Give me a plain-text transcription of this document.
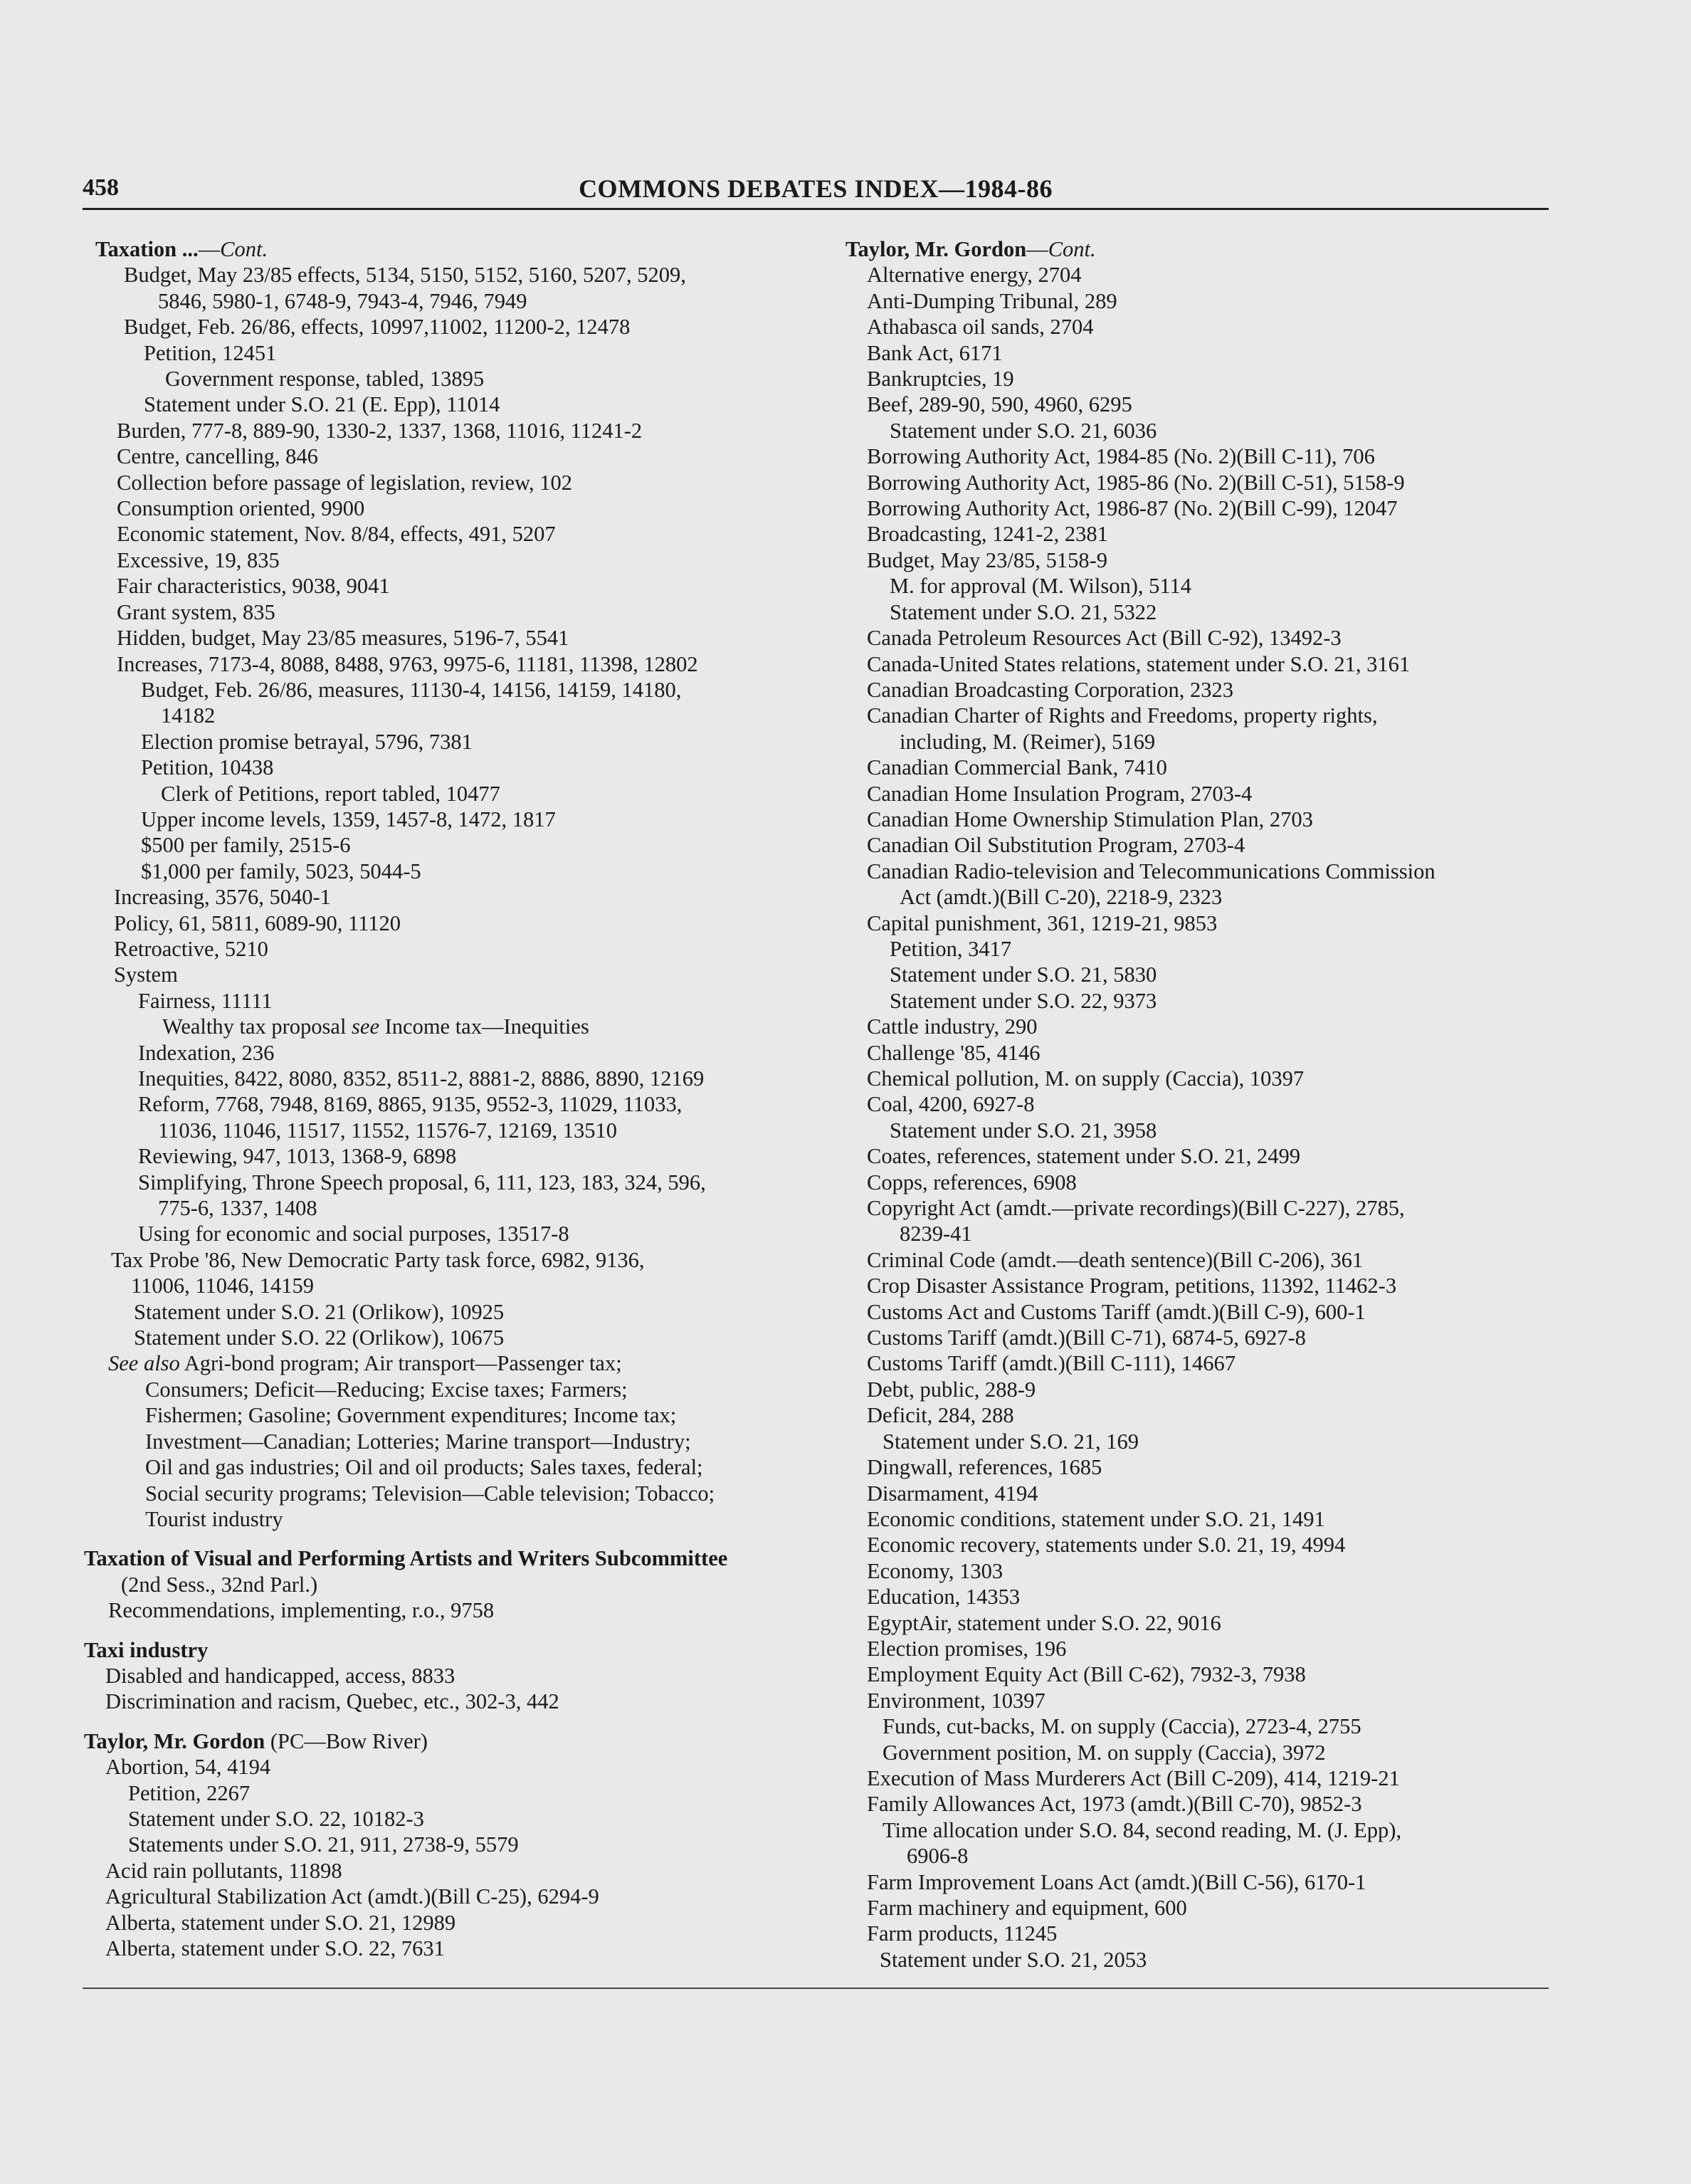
458	COMMONS DEBATES INDEX—1984-86
Taxation ...—Cont.
Budget, May 23/85 effects, 5134, 5150, 5152, 5160, 5207, 5209,
5846, 5980-1, 6748-9, 7943-4, 7946, 7949
Budget, Feb. 26/86, effects, 10997,11002, 11200-2, 12478
Petition, 12451
Government response, tabled, 13895
Statement under S.O. 21 (E. Epp), 11014
Burden, 777-8, 889-90, 1330-2, 1337, 1368, 11016, 11241-2
Centre, cancelling, 846
Collection before passage of legislation, review, 102
Consumption oriented, 9900
Economic statement, Nov. 8/84, effects, 491, 5207
Excessive, 19, 835
Fair characteristics, 9038, 9041
Grant system, 835
Hidden, budget, May 23/85 measures, 5196-7, 5541
Increases, 7173-4, 8088, 8488, 9763, 9975-6, 11181, 11398, 12802
Budget, Feb. 26/86, measures, 11130-4, 14156, 14159, 14180,
14182
Election promise betrayal, 5796, 7381
Petition, 10438
Clerk of Petitions, report tabled, 10477
Upper income levels, 1359, 1457-8, 1472, 1817
$500 per family, 2515-6
$1,000 per family, 5023, 5044-5
Increasing, 3576, 5040-1
Policy, 61, 5811, 6089-90, 11120
Retroactive, 5210
System
Fairness, 11111
Wealthy tax proposal see Income tax—Inequities
Indexation, 236
Inequities, 8422, 8080, 8352, 8511-2, 8881-2, 8886, 8890, 12169
Reform, 7768, 7948, 8169, 8865, 9135, 9552-3, 11029, 11033,
11036, 11046, 11517, 11552, 11576-7, 12169, 13510
Reviewing, 947, 1013, 1368-9, 6898
Simplifying, Throne Speech proposal, 6, 111, 123, 183, 324, 596,
775-6, 1337, 1408
Using for economic and social purposes, 13517-8
Tax Probe '86, New Democratic Party task force, 6982, 9136,
11006, 11046, 14159
Statement under S.O. 21 (Orlikow), 10925
Statement under S.O. 22 (Orlikow), 10675
See also Agri-bond program; Air transport—Passenger tax;
Consumers; Deficit—Reducing; Excise taxes; Farmers;
Fishermen; Gasoline; Government expenditures; Income tax;
Investment—Canadian; Lotteries; Marine transport—Industry;
Oil and gas industries; Oil and oil products; Sales taxes, federal;
Social security programs; Television—Cable television; Tobacco;
Tourist industry
Taxation of Visual and Performing Artists and Writers Subcommittee
(2nd Sess., 32nd Parl.)
Recommendations, implementing, r.o., 9758
Taxi industry
Disabled and handicapped, access, 8833
Discrimination and racism, Quebec, etc., 302-3, 442
Taylor, Mr. Gordon (PC—Bow River)
Abortion, 54, 4194
Petition, 2267
Statement under S.O. 22, 10182-3
Statements under S.O. 21, 911, 2738-9, 5579
Acid rain pollutants, 11898
Agricultural Stabilization Act (amdt.)(Bill C-25), 6294-9
Alberta, statement under S.O. 21, 12989
Alberta, statement under S.O. 22, 7631
Taylor, Mr. Gordon—Cont.
Alternative energy, 2704
Anti-Dumping Tribunal, 289
Athabasca oil sands, 2704
Bank Act, 6171
Bankruptcies, 19
Beef, 289-90, 590, 4960, 6295
Statement under S.O. 21, 6036
Borrowing Authority Act, 1984-85 (No. 2)(Bill C-11), 706
Borrowing Authority Act, 1985-86 (No. 2)(Bill C-51), 5158-9
Borrowing Authority Act, 1986-87 (No. 2)(Bill C-99), 12047
Broadcasting, 1241-2, 2381
Budget, May 23/85, 5158-9
M. for approval (M. Wilson), 5114
Statement under S.O. 21, 5322
Canada Petroleum Resources Act (Bill C-92), 13492-3
Canada-United States relations, statement under S.O. 21, 3161
Canadian Broadcasting Corporation, 2323
Canadian Charter of Rights and Freedoms, property rights,
including, M. (Reimer), 5169
Canadian Commercial Bank, 7410
Canadian Home Insulation Program, 2703-4
Canadian Home Ownership Stimulation Plan, 2703
Canadian Oil Substitution Program, 2703-4
Canadian Radio-television and Telecommunications Commission
Act (amdt.)(Bill C-20), 2218-9, 2323
Capital punishment, 361, 1219-21, 9853
Petition, 3417
Statement under S.O. 21, 5830
Statement under S.O. 22, 9373
Cattle industry, 290
Challenge '85, 4146
Chemical pollution, M. on supply (Caccia), 10397
Coal, 4200, 6927-8
Statement under S.O. 21, 3958
Coates, references, statement under S.O. 21, 2499
Copps, references, 6908
Copyright Act (amdt.—private recordings)(Bill C-227), 2785,
8239-41
Criminal Code (amdt.—death sentence)(Bill C-206), 361
Crop Disaster Assistance Program, petitions, 11392, 11462-3
Customs Act and Customs Tariff (amdt.)(Bill C-9), 600-1
Customs Tariff (amdt.)(Bill C-71), 6874-5, 6927-8
Customs Tariff (amdt.)(Bill C-111), 14667
Debt, public, 288-9
Deficit, 284, 288
Statement under S.O. 21, 169
Dingwall, references, 1685
Disarmament, 4194
Economic conditions, statement under S.O. 21, 1491
Economic recovery, statements under S.0. 21, 19, 4994
Economy, 1303
Education, 14353
EgyptAir, statement under S.O. 22, 9016
Election promises, 196
Employment Equity Act (Bill C-62), 7932-3, 7938
Environment, 10397
Funds, cut-backs, M. on supply (Caccia), 2723-4, 2755
Government position, M. on supply (Caccia), 3972
Execution of Mass Murderers Act (Bill C-209), 414, 1219-21
Family Allowances Act, 1973 (amdt.)(Bill C-70), 9852-3
Time allocation under S.O. 84, second reading, M. (J. Epp),
6906-8
Farm Improvement Loans Act (amdt.)(Bill C-56), 6170-1
Farm machinery and equipment, 600
Farm products, 11245
Statement under S.O. 21, 2053
